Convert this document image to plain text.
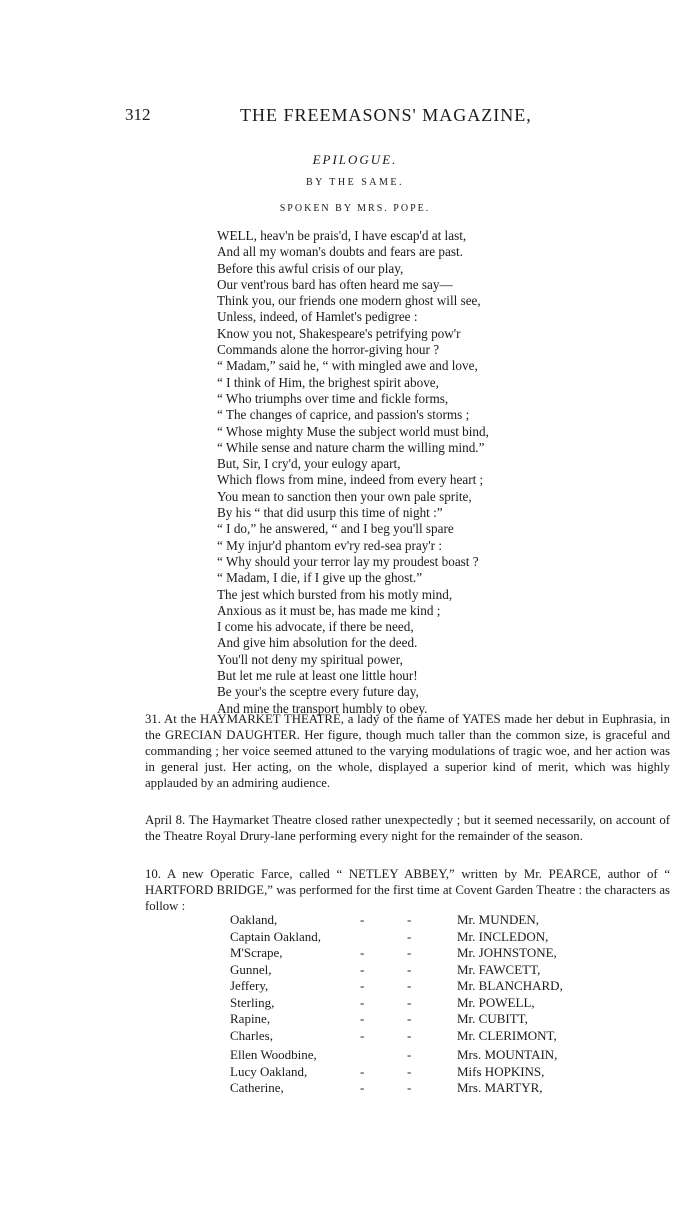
312	THE FREEMASONS' MAGAZINE,
EPILOGUE.
BY THE SAME.
SPOKEN BY MRS. POPE.
WELL, heav'n be prais'd, I have escap'd at last,
And all my woman's doubts and fears are past.
Before this awful crisis of our play,
Our vent'rous bard has often heard me say—
Think you, our friends one modern ghost will see,
Unless, indeed, of Hamlet's pedigree :
Know you not, Shakespeare's petrifying pow'r
Commands alone the horror-giving hour ?
“ Madam,” said he, “ with mingled awe and love,
“ I think of Him, the brighest spirit above,
“ Who triumphs over time and fickle forms,
“ The changes of caprice, and passion's storms ;
“ Whose mighty Muse the subject world must bind,
“ While sense and nature charm the willing mind.”
But, Sir, I cry'd, your eulogy apart,
Which flows from mine, indeed from every heart ;
You mean to sanction then your own pale sprite,
By his “ that did usurp this time of night :”
“ I do,” he answered, “ and I beg you'll spare
“ My injur'd phantom ev'ry red-sea pray'r :
“ Why should your terror lay my proudest boast ?
“ Madam, I die, if I give up the ghost.”
The jest which bursted from his motly mind,
Anxious as it must be, has made me kind ;
I come his advocate, if there be need,
And give him absolution for the deed.
You'll not deny my spiritual power,
But let me rule at least one little hour!
Be your's the sceptre every future day,
And mine the transport humbly to obey.

31. At the HAYMARKET THEATRE, a lady of the name of YATES made her debut in Euphrasia, in the GRECIAN DAUGHTER. Her figure, though much taller than the common size, is graceful and commanding ; her voice seemed attuned to the varying modulations of tragic woe, and her action was in general just. Her acting, on the whole, displayed a superior kind of merit, which was highly applauded by an admiring audience.

April 8. The Haymarket Theatre closed rather unexpectedly ; but it seemed necessarily, on account of the Theatre Royal Drury-lane performing every night for the remainder of the season.

10. A new Operatic Farce, called “ NETLEY ABBEY,” written by Mr. PEARCE, author of “ HARTFORD BRIDGE,” was performed for the first time at Covent Garden Theatre : the characters as follow :

Oakland,	-	-	Mr. MUNDEN,
Captain Oakland,	-	Mr. INCLEDON,
M'Scrape,	-	-	Mr. JOHNSTONE,
Gunnel,	-	-	Mr. FAWCETT,
Jeffery,	-	-	Mr. BLANCHARD,
Sterling,	-	-	Mr. POWELL,
Rapine,	-	-	Mr. CUBITT,
Charles,	-	-	Mr. CLERIMONT,
Ellen Woodbine,	-	Mrs. MOUNTAIN,
Lucy Oakland,	-	-	Mifs HOPKINS,
Catherine,	-	-	Mrs. MARTYR,
